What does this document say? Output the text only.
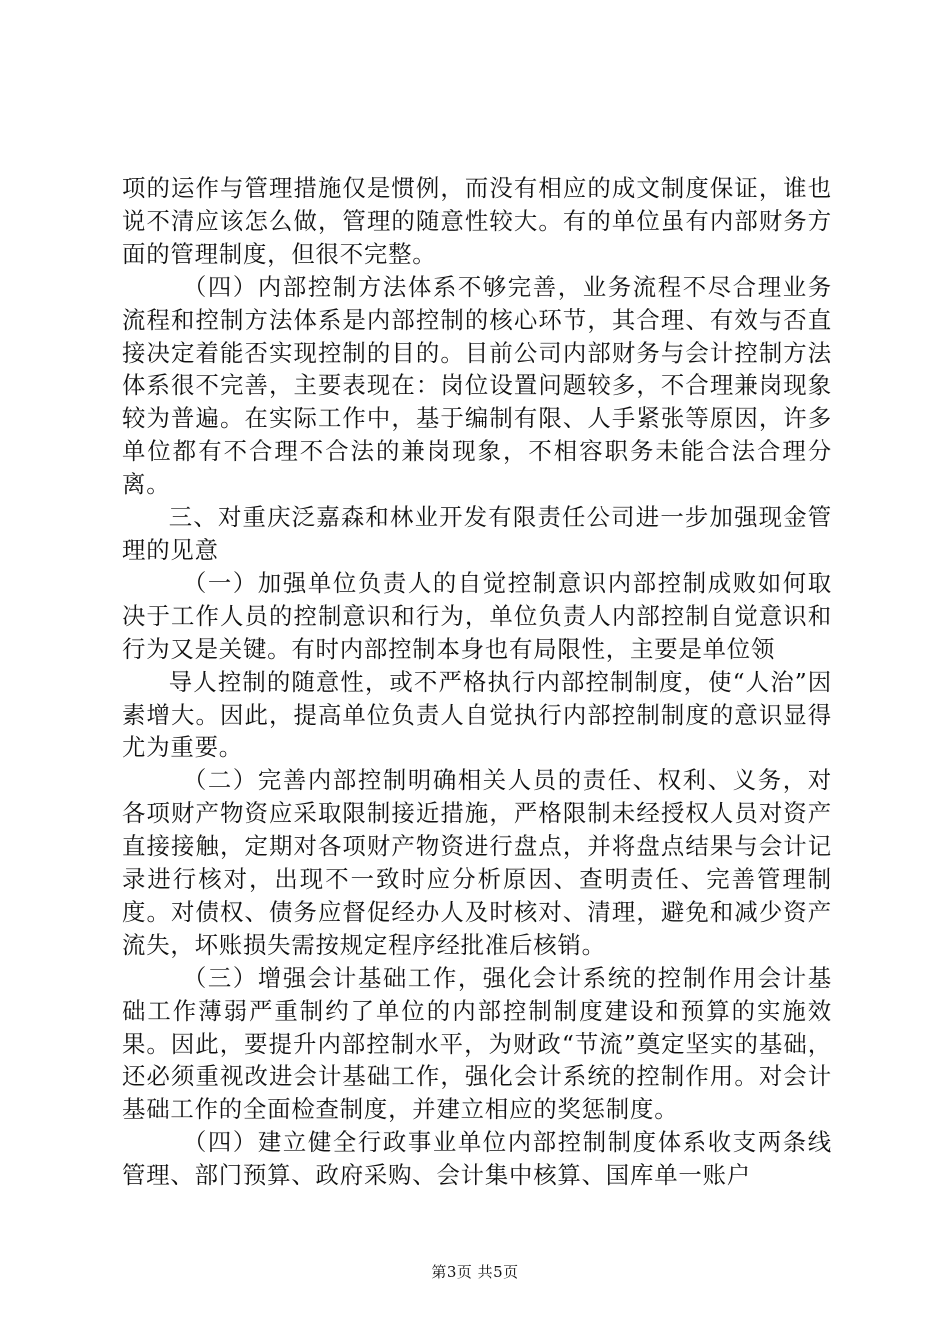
项的运作与管理措施仅是惯例，而没有相应的成文制度保证，谁也说不清应该怎么做，管理的随意性较大。有的单位虽有内部财务方面的管理制度，但很不完整。

（四）内部控制方法体系不够完善，业务流程不尽合理业务流程和控制方法体系是内部控制的核心环节，其合理、有效与否直接决定着能否实现控制的目的。目前公司内部财务与会计控制方法体系很不完善，主要表现在：岗位设置问题较多，不合理兼岗现象较为普遍。在实际工作中，基于编制有限、人手紧张等原因，许多单位都有不合理不合法的兼岗现象，不相容职务未能合法合理分离。

三、对重庆泛嘉森和林业开发有限责任公司进一步加强现金管理的见意

（一）加强单位负责人的自觉控制意识内部控制成败如何取决于工作人员的控制意识和行为，单位负责人内部控制自觉意识和行为又是关键。有时内部控制本身也有局限性，主要是单位领

导人控制的随意性，或不严格执行内部控制制度，使“人治”因素增大。因此，提高单位负责人自觉执行内部控制制度的意识显得尤为重要。

（二）完善内部控制明确相关人员的责任、权利、义务，对各项财产物资应采取限制接近措施，严格限制未经授权人员对资产直接接触，定期对各项财产物资进行盘点，并将盘点结果与会计记录进行核对，出现不一致时应分析原因、查明责任、完善管理制度。对债权、债务应督促经办人及时核对、清理，避免和减少资产流失，坏账损失需按规定程序经批准后核销。

（三）增强会计基础工作，强化会计系统的控制作用会计基础工作薄弱严重制约了单位的内部控制制度建设和预算的实施效果。因此，要提升内部控制水平，为财政“节流”奠定坚实的基础，还必须重视改进会计基础工作，强化会计系统的控制作用。对会计基础工作的全面检查制度，并建立相应的奖惩制度。

（四）建立健全行政事业单位内部控制制度体系收支两条线管理、部门预算、政府采购、会计集中核算、国库单一账户

第3页 共5页
